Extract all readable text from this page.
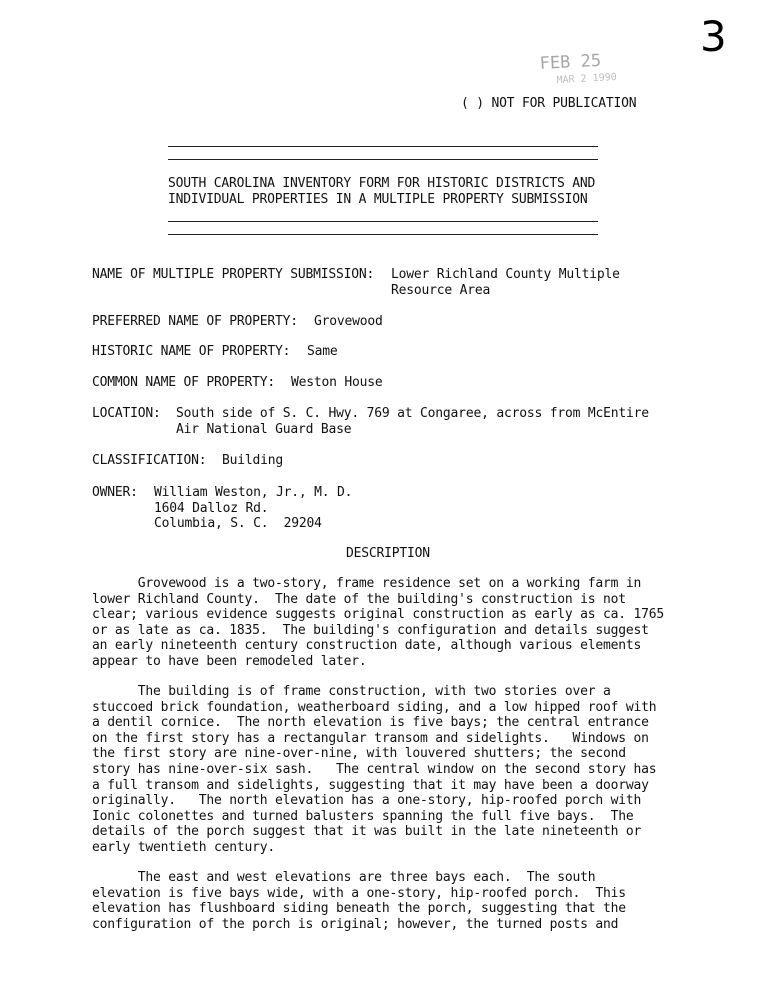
3
FEB 25
MAR 2 1990
( ) NOT FOR PUBLICATION
SOUTH CAROLINA INVENTORY FORM FOR HISTORIC DISTRICTS AND
INDIVIDUAL PROPERTIES IN A MULTIPLE PROPERTY SUBMISSION
NAME OF MULTIPLE PROPERTY SUBMISSION: Lower Richland County Multiple
Resource Area
PREFERRED NAME OF PROPERTY: Grovewood
HISTORIC NAME OF PROPERTY: Same
COMMON NAME OF PROPERTY: Weston House
LOCATION: South side of S. C. Hwy. 769 at Congaree, across from McEntire
Air National Guard Base
CLASSIFICATION: Building
OWNER: William Weston, Jr., M. D.
1604 Dalloz Rd.
Columbia, S. C.  29204
DESCRIPTION
Grovewood is a two-story, frame residence set on a working farm in
lower Richland County.  The date of the building's construction is not
clear; various evidence suggests original construction as early as ca. 1765
or as late as ca. 1835.  The building's configuration and details suggest
an early nineteenth century construction date, although various elements
appear to have been remodeled later.
The building is of frame construction, with two stories over a
stuccoed brick foundation, weatherboard siding, and a low hipped roof with
a dentil cornice.  The north elevation is five bays; the central entrance
on the first story has a rectangular transom and sidelights.   Windows on
the first story are nine-over-nine, with louvered shutters; the second
story has nine-over-six sash.   The central window on the second story has
a full transom and sidelights, suggesting that it may have been a doorway
originally.   The north elevation has a one-story, hip-roofed porch with
Ionic colonettes and turned balusters spanning the full five bays.  The
details of the porch suggest that it was built in the late nineteenth or
early twentieth century.
The east and west elevations are three bays each.  The south
elevation is five bays wide, with a one-story, hip-roofed porch.  This
elevation has flushboard siding beneath the porch, suggesting that the
configuration of the porch is original; however, the turned posts and
